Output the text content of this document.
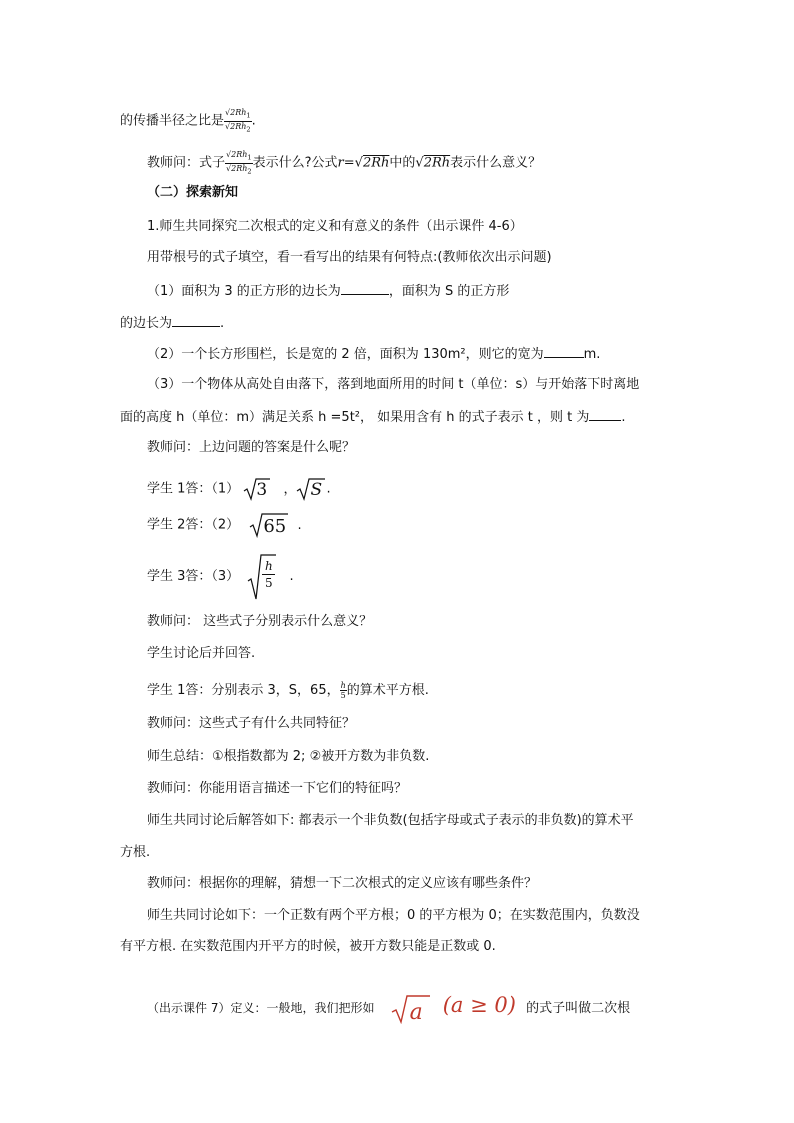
的传播半径之比是 $\frac{√2Rh_1}{√2Rh_2}$ .
教师问：式子 $\frac{√2Rh_1}{√2Rh_2}$ 表示什么?公式r=√2Rh中的√2Rh表示什么意义？
（二）探索新知
1.师生共同探究二次根式的定义和有意义的条件（出示课件 4-6）
用带根号的式子填空，看一看写出的结果有何特点:(教师依次出示问题)
（1）面积为 3 的正方形的边长为	，面积为 S 的正方形
的边长为	.
（2）一个长方形围栏，长是宽的 2 倍，面积为 130m²，则它的宽为	m.
（3）一个物体从高处自由落下，落到地面所用的时间 t（单位：s）与开始落下时离地
面的高度 h（单位：m）满足关系 h =5t²， 如果用含有 h 的式子表示 t ，则 t 为 .
教师问：上边问题的答案是什么呢？
学生 1答：（1） 3 ， S .
学生 2答：（2） 65 .
学生 3答：（3）
h
5 .
教师问： 这些式子分别表示什么意义？
学生讨论后并回答.
学生 1答：分别表示 3，S，65， $\frac{h}{5}$ 的算术平方根.
教师问：这些式子有什么共同特征？
师生总结：①根指数都为 2; ②被开方数为非负数.
教师问：你能用语言描述一下它们的特征吗？
师生共同讨论后解答如下: 都表示一个非负数(包括字母或式子表示的非负数)的算术平
方根.
教师问：根据你的理解，猜想一下二次根式的定义应该有哪些条件？
师生共同讨论如下：一个正数有两个平方根；0 的平方根为 0；在实数范围内，负数没
有平方根. 在实数范围内开平方的时候，被开方数只能是正数或 0.
（出示课件 7）定义：一般地，我们把形如 a (a ≥ 0) 的式子叫做二次根
